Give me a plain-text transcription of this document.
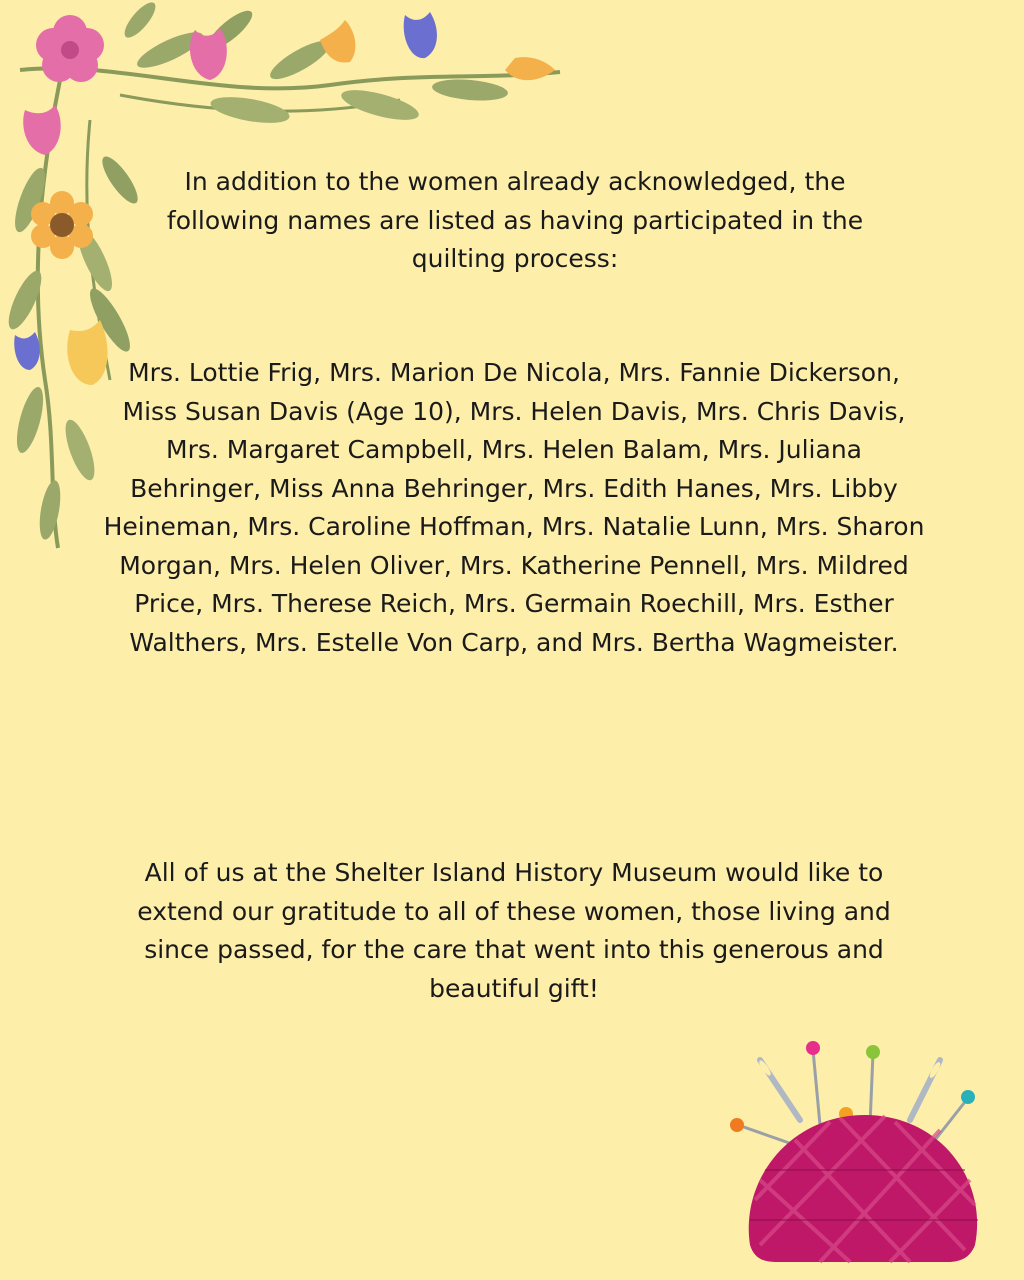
In addition to the women already acknowledged, the following names are listed as having participated in the quilting process:
Mrs. Lottie Frig, Mrs. Marion De Nicola, Mrs. Fannie Dickerson, Miss Susan Davis (Age 10), Mrs. Helen Davis, Mrs. Chris Davis, Mrs. Margaret Campbell, Mrs. Helen Balam, Mrs. Juliana Behringer, Miss Anna Behringer, Mrs. Edith Hanes, Mrs. Libby Heineman, Mrs. Caroline Hoffman, Mrs. Natalie Lunn, Mrs. Sharon Morgan, Mrs. Helen Oliver, Mrs. Katherine Pennell, Mrs. Mildred Price, Mrs. Therese Reich, Mrs. Germain Roechill, Mrs. Esther Walthers, Mrs. Estelle Von Carp, and Mrs. Bertha Wagmeister.
All of us at the Shelter Island History Museum would like to extend our gratitude to all of these women, those living and since passed, for the care that went into this generous and beautiful gift!
